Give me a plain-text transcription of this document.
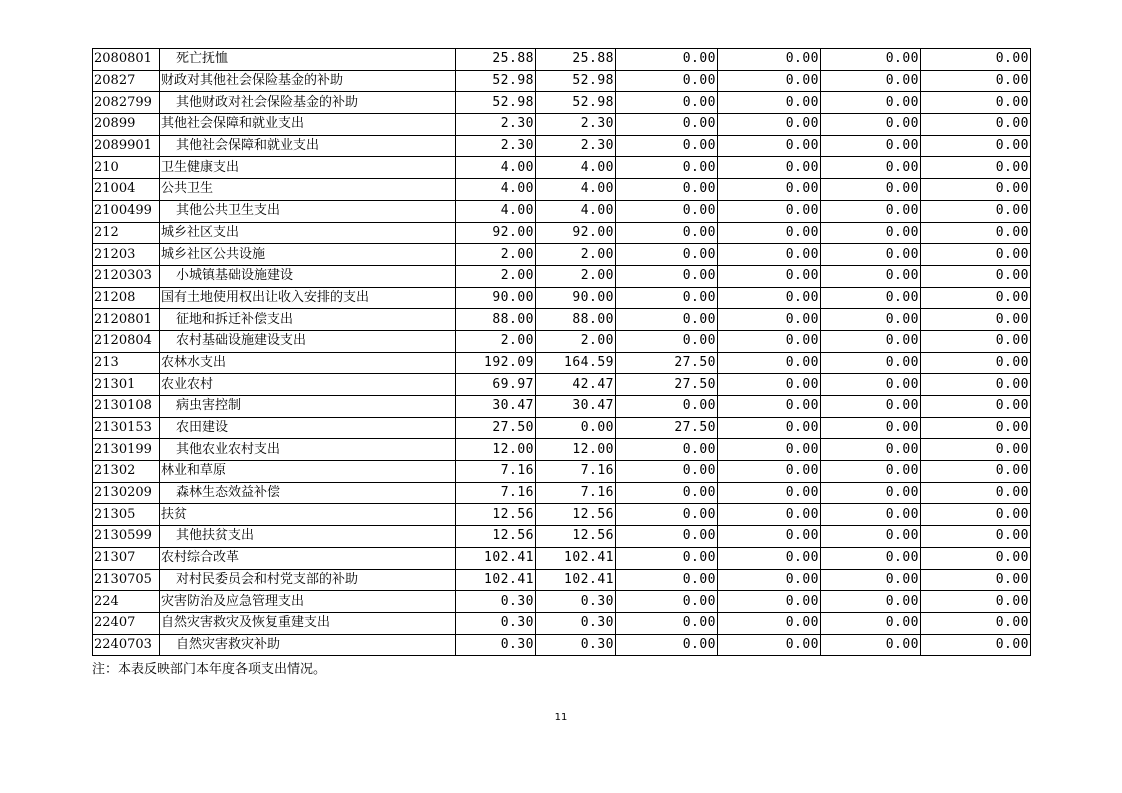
2080801	死亡抚恤	25.88	25.88	0.00	0.00	0.00	0.00
20827	财政对其他社会保险基金的补助	52.98	52.98	0.00	0.00	0.00	0.00
2082799	其他财政对社会保险基金的补助	52.98	52.98	0.00	0.00	0.00	0.00
20899	其他社会保障和就业支出	2.30	2.30	0.00	0.00	0.00	0.00
2089901	其他社会保障和就业支出	2.30	2.30	0.00	0.00	0.00	0.00
210	卫生健康支出	4.00	4.00	0.00	0.00	0.00	0.00
21004	公共卫生	4.00	4.00	0.00	0.00	0.00	0.00
2100499	其他公共卫生支出	4.00	4.00	0.00	0.00	0.00	0.00
212	城乡社区支出	92.00	92.00	0.00	0.00	0.00	0.00
21203	城乡社区公共设施	2.00	2.00	0.00	0.00	0.00	0.00
2120303	小城镇基础设施建设	2.00	2.00	0.00	0.00	0.00	0.00
21208	国有土地使用权出让收入安排的支出	90.00	90.00	0.00	0.00	0.00	0.00
2120801	征地和拆迁补偿支出	88.00	88.00	0.00	0.00	0.00	0.00
2120804	农村基础设施建设支出	2.00	2.00	0.00	0.00	0.00	0.00
213	农林水支出	192.09	164.59	27.50	0.00	0.00	0.00
21301	农业农村	69.97	42.47	27.50	0.00	0.00	0.00
2130108	病虫害控制	30.47	30.47	0.00	0.00	0.00	0.00
2130153	农田建设	27.50	0.00	27.50	0.00	0.00	0.00
2130199	其他农业农村支出	12.00	12.00	0.00	0.00	0.00	0.00
21302	林业和草原	7.16	7.16	0.00	0.00	0.00	0.00
2130209	森林生态效益补偿	7.16	7.16	0.00	0.00	0.00	0.00
21305	扶贫	12.56	12.56	0.00	0.00	0.00	0.00
2130599	其他扶贫支出	12.56	12.56	0.00	0.00	0.00	0.00
21307	农村综合改革	102.41	102.41	0.00	0.00	0.00	0.00
2130705	对村民委员会和村党支部的补助	102.41	102.41	0.00	0.00	0.00	0.00
224	灾害防治及应急管理支出	0.30	0.30	0.00	0.00	0.00	0.00
22407	自然灾害救灾及恢复重建支出	0.30	0.30	0.00	0.00	0.00	0.00
2240703	自然灾害救灾补助	0.30	0.30	0.00	0.00	0.00	0.00
注：本表反映部门本年度各项支出情况。
11
